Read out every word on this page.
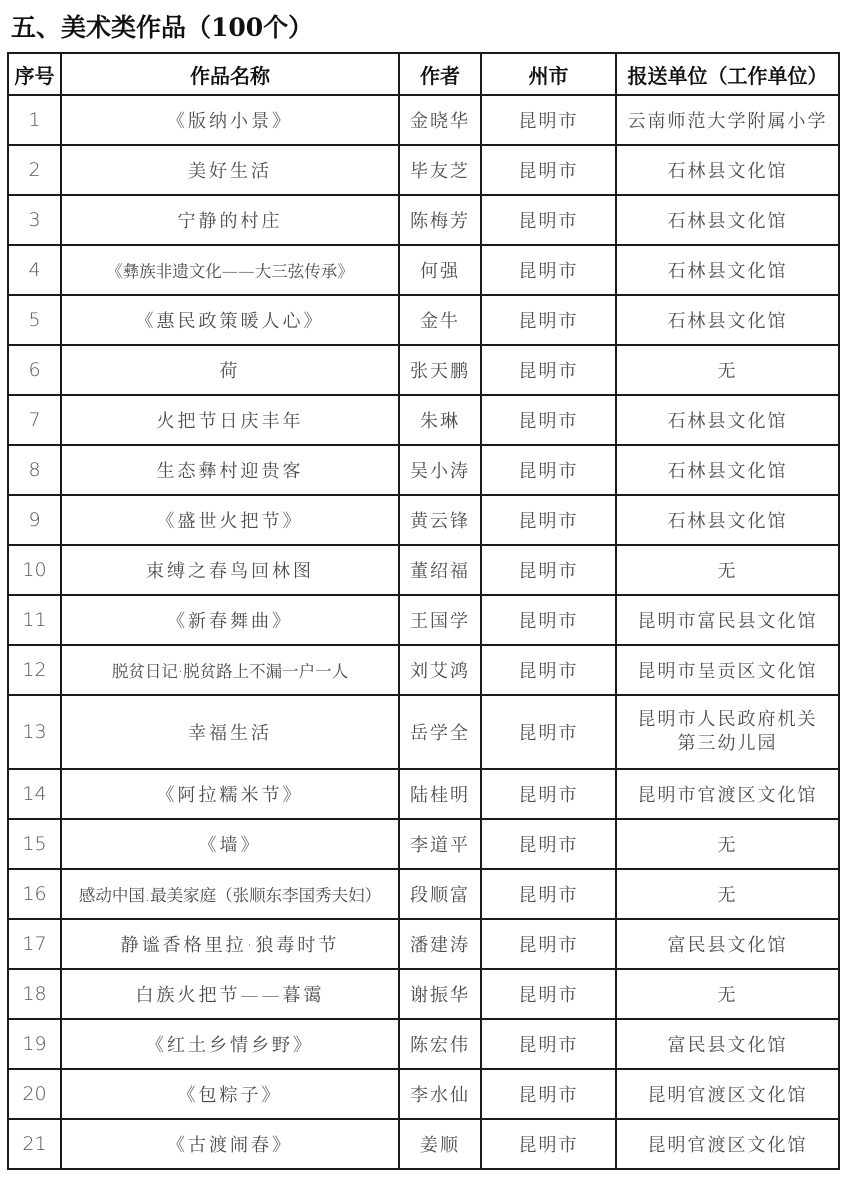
五、美术类作品（100个）
序号	作品名称	作者	州市	报送单位（工作单位）
1	《版纳小景》	金晓华	昆明市	云南师范大学附属小学
2	美好生活	毕友芝	昆明市	石林县文化馆
3	宁静的村庄	陈梅芳	昆明市	石林县文化馆
4	《彝族非遗文化——大三弦传承》	何强	昆明市	石林县文化馆
5	《惠民政策暖人心》	金牛	昆明市	石林县文化馆
6	荷	张天鹏	昆明市	无
7	火把节日庆丰年	朱琳	昆明市	石林县文化馆
8	生态彝村迎贵客	吴小涛	昆明市	石林县文化馆
9	《盛世火把节》	黄云锋	昆明市	石林县文化馆
10	束缚之春鸟回林图	董绍福	昆明市	无
11	《新春舞曲》	王国学	昆明市	昆明市富民县文化馆
12	脱贫日记·脱贫路上不漏一户一人	刘艾鸿	昆明市	昆明市呈贡区文化馆
13	幸福生活	岳学全	昆明市	昆明市人民政府机关
第三幼儿园

14	《阿拉糯米节》	陆桂明	昆明市	昆明市官渡区文化馆
15	《墙》	李道平	昆明市	无
16	感动中国.最美家庭（张顺东李国秀夫妇）	段顺富	昆明市	无
17	静谧香格里拉·狼毒时节	潘建涛	昆明市	富民县文化馆
18	白族火把节——暮霭	谢振华	昆明市	无
19	《红土乡情乡野》	陈宏伟	昆明市	富民县文化馆
20	《包粽子》	李水仙	昆明市	昆明官渡区文化馆
21	《古渡闹春》	姜顺	昆明市	昆明官渡区文化馆
